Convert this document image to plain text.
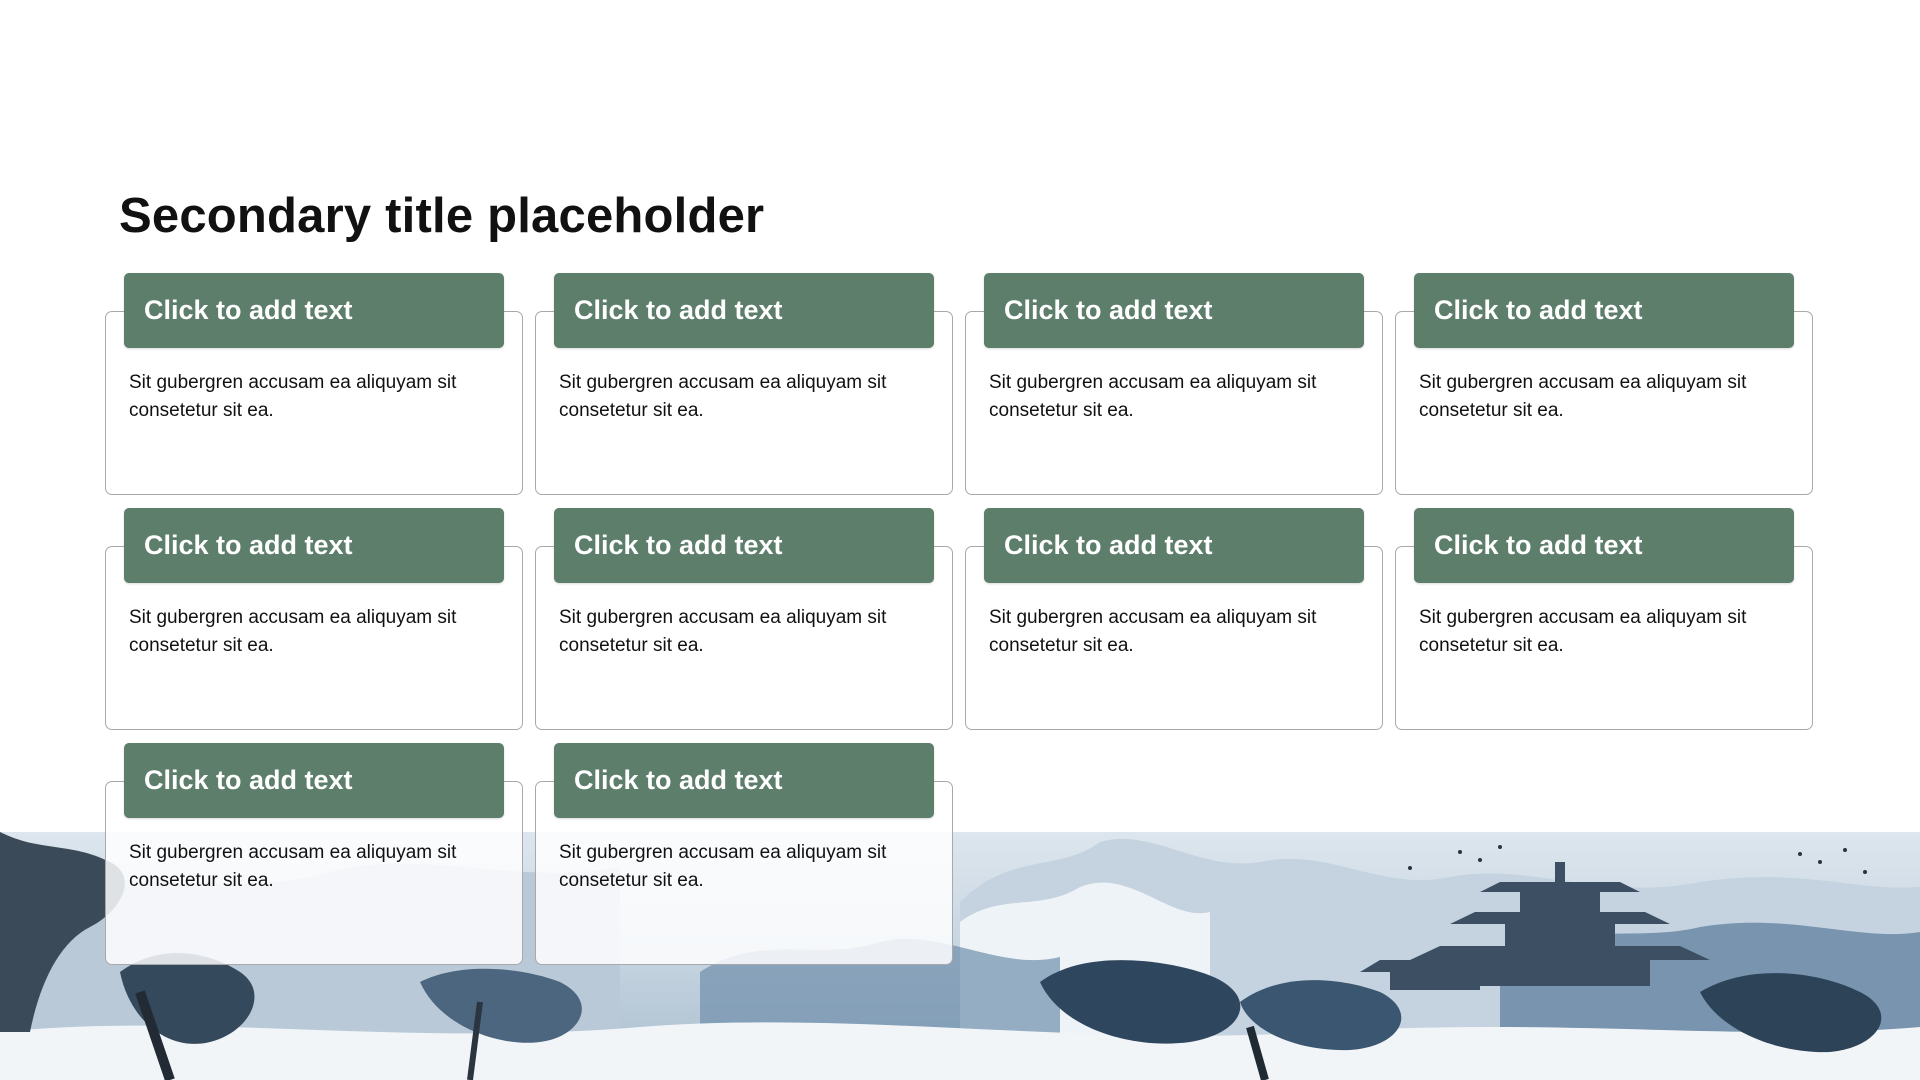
Secondary title placeholder
Click to add text

Sit gubergren accusam ea aliquyam sit consetetur sit ea.

Click to add text

Sit gubergren accusam ea aliquyam sit consetetur sit ea.

Click to add text

Sit gubergren accusam ea aliquyam sit consetetur sit ea.

Click to add text

Sit gubergren accusam ea aliquyam sit consetetur sit ea.

Click to add text

Sit gubergren accusam ea aliquyam sit consetetur sit ea.

Click to add text

Sit gubergren accusam ea aliquyam sit consetetur sit ea.

Click to add text

Sit gubergren accusam ea aliquyam sit consetetur sit ea.

Click to add text

Sit gubergren accusam ea aliquyam sit consetetur sit ea.

Click to add text

Sit gubergren accusam ea aliquyam sit consetetur sit ea.

Click to add text

Sit gubergren accusam ea aliquyam sit consetetur sit ea.
